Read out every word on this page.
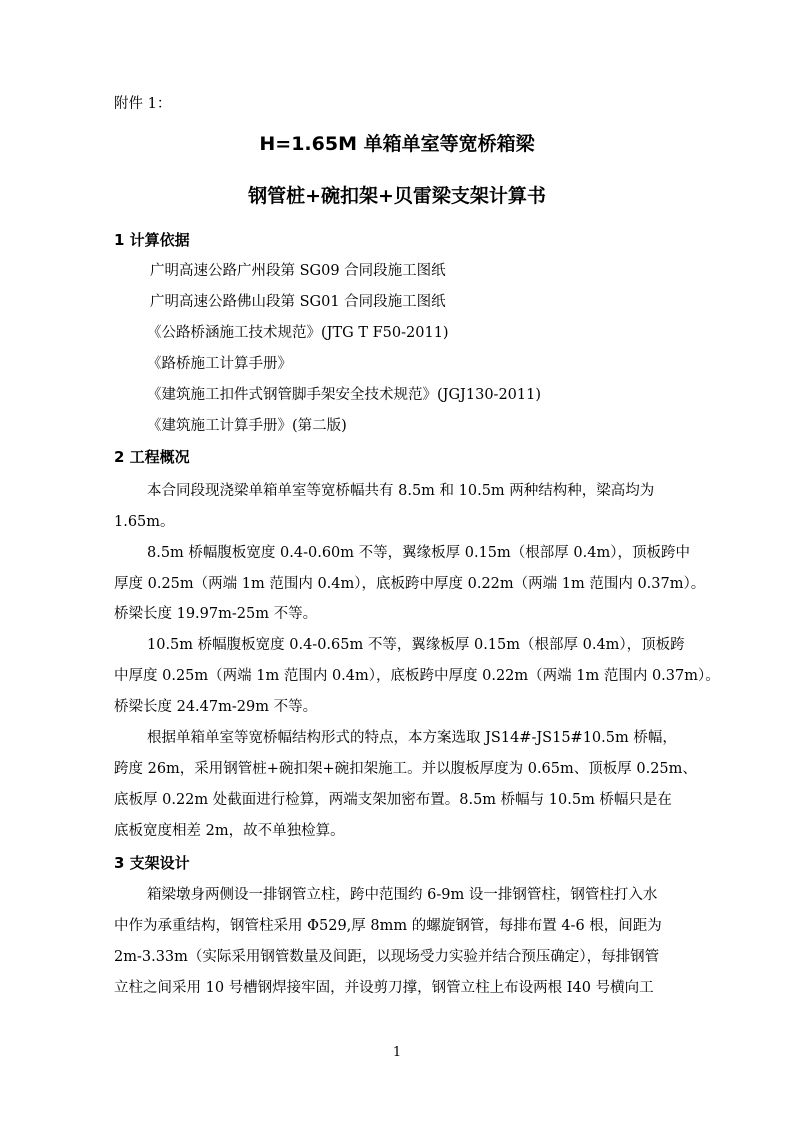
附件 1：
H=1.65M 单箱单室等宽桥箱梁
钢管桩+碗扣架+贝雷梁支架计算书
1 计算依据
广明高速公路广州段第 SG09 合同段施工图纸
广明高速公路佛山段第 SG01 合同段施工图纸
《公路桥涵施工技术规范》(JTG T F50-2011)
《路桥施工计算手册》
《建筑施工扣件式钢管脚手架安全技术规范》(JGJ130-2011)
《建筑施工计算手册》(第二版)
2 工程概况
本合同段现浇梁单箱单室等宽桥幅共有 8.5m 和 10.5m 两种结构种，梁高均为
1.65m。
8.5m 桥幅腹板宽度 0.4-0.60m 不等，翼缘板厚 0.15m（根部厚 0.4m），顶板跨中
厚度 0.25m（两端 1m 范围内 0.4m），底板跨中厚度 0.22m（两端 1m 范围内 0.37m）。
桥梁长度 19.97m-25m 不等。
10.5m 桥幅腹板宽度 0.4-0.65m 不等，翼缘板厚 0.15m（根部厚 0.4m），顶板跨
中厚度 0.25m（两端 1m 范围内 0.4m），底板跨中厚度 0.22m（两端 1m 范围内 0.37m）。
桥梁长度 24.47m-29m 不等。
根据单箱单室等宽桥幅结构形式的特点，本方案选取 JS14#-JS15#10.5m 桥幅，
跨度 26m，采用钢管桩+碗扣架+碗扣架施工。并以腹板厚度为 0.65m、顶板厚 0.25m、
底板厚 0.22m 处截面进行检算，两端支架加密布置。8.5m 桥幅与 10.5m 桥幅只是在
底板宽度相差 2m，故不单独检算。
3 支架设计
箱梁墩身两侧设一排钢管立柱，跨中范围约 6-9m 设一排钢管柱，钢管柱打入水
中作为承重结构，钢管柱采用 Φ529,厚 8mm 的螺旋钢管，每排布置 4-6 根，间距为
2m-3.33m（实际采用钢管数量及间距，以现场受力实验并结合预压确定），每排钢管
立柱之间采用 10 号槽钢焊接牢固，并设剪刀撑，钢管立柱上布设两根 I40 号横向工
1
